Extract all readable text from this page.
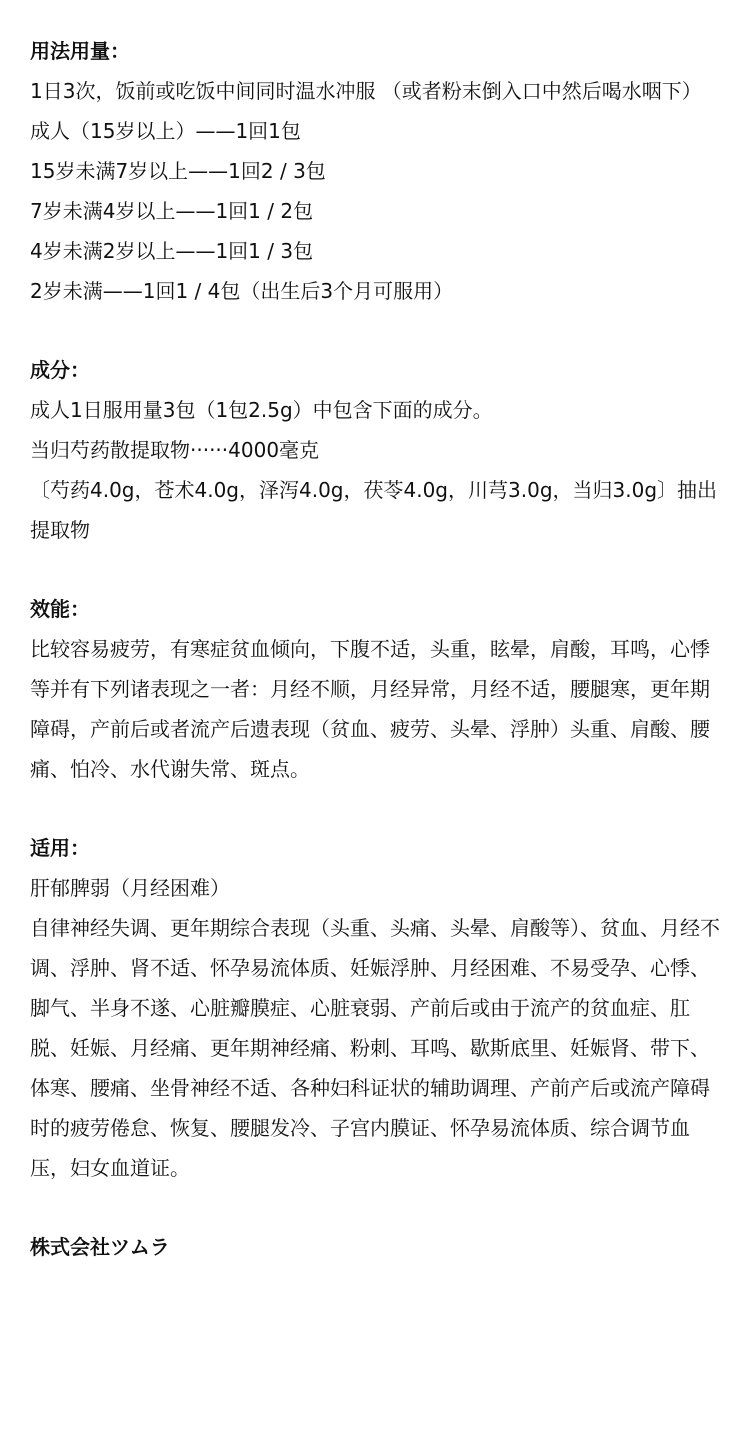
用法用量：

1日3次，饭前或吃饭中间同时温水冲服 （或者粉末倒入口中然后喝水咽下）

成人（15岁以上）——1回1包

15岁未满7岁以上——1回2 / 3包

7岁未满4岁以上——1回1 / 2包

4岁未满2岁以上——1回1 / 3包

2岁未满——1回1 / 4包（出生后3个月可服用）

成分：

成人1日服用量3包（1包2.5g）中包含下面的成分。

当归芍药散提取物······4000毫克

〔芍药4.0g，苍术4.0g，泽泻4.0g，茯苓4.0g，川芎3.0g，当归3.0g〕抽出提取物

效能：

比较容易疲劳，有寒症贫血倾向，下腹不适，头重，眩晕，肩酸，耳鸣，心悸等并有下列诸表现之一者：月经不顺，月经异常，月经不适，腰腿寒，更年期障碍，产前后或者流产后遗表现（贫血、疲劳、头晕、浮肿）头重、肩酸、腰痛、怕冷、水代谢失常、斑点。

适用：

肝郁脾弱（月经困难）

自律神经失调、更年期综合表现（头重、头痛、头晕、肩酸等）、贫血、月经不调、浮肿、肾不适、怀孕易流体质、妊娠浮肿、月经困难、不易受孕、心悸、脚气、半身不遂、心脏瓣膜症、心脏衰弱、产前后或由于流产的贫血症、肛脱、妊娠、月经痛、更年期神经痛、粉刺、耳鸣、歇斯底里、妊娠肾、带下、体寒、腰痛、坐骨神经不适、各种妇科证状的辅助调理、产前产后或流产障碍时的疲劳倦怠、恢复、腰腿发冷、子宫内膜证、怀孕易流体质、综合调节血压，妇女血道证。

株式会社ツムラ
